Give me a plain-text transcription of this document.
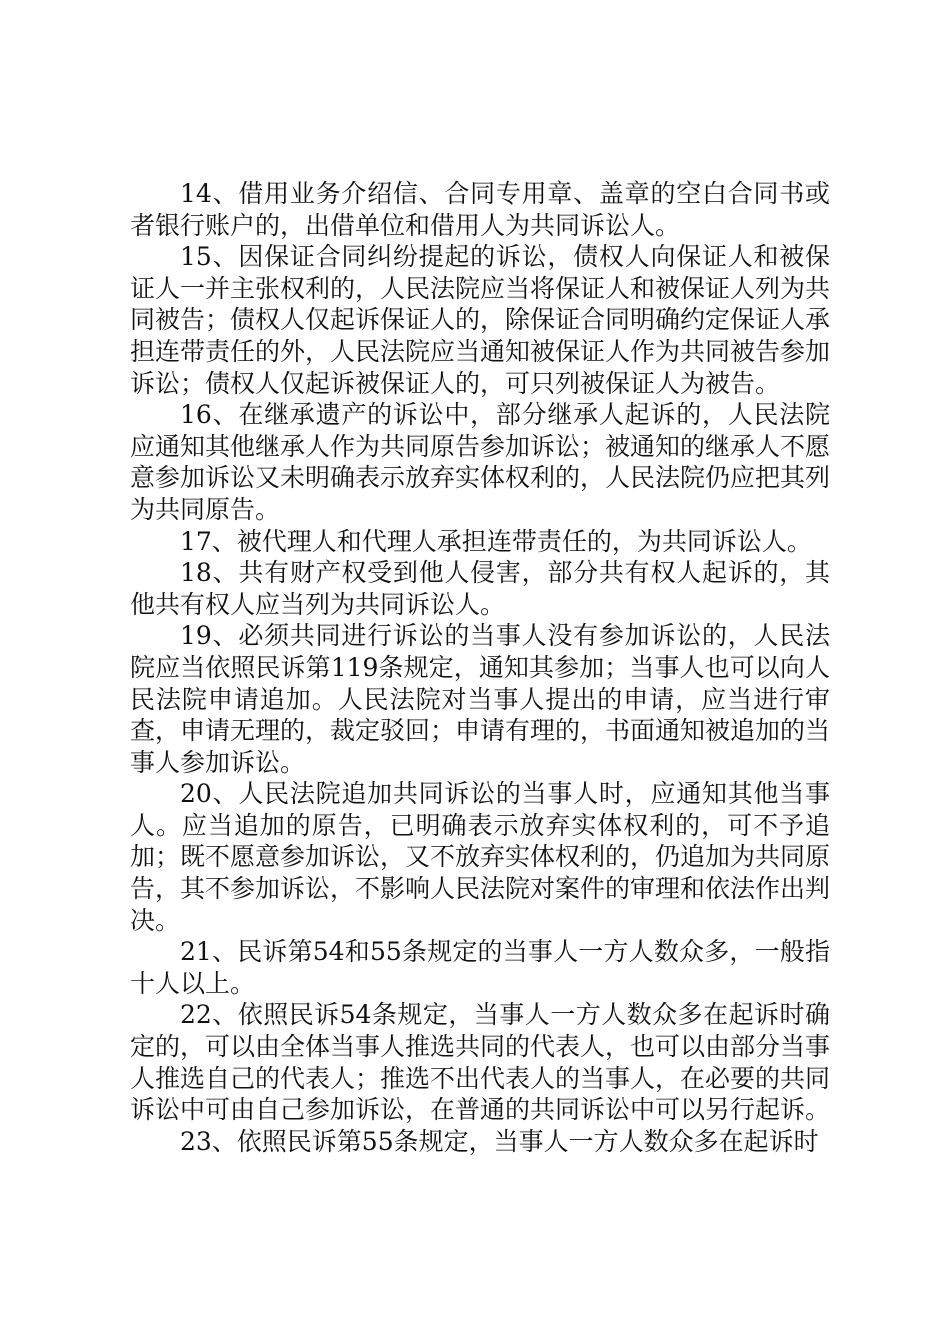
14、借用业务介绍信、合同专用章、盖章的空白合同书或者银行账户的，出借单位和借用人为共同诉讼人。

15、因保证合同纠纷提起的诉讼，债权人向保证人和被保证人一并主张权利的，人民法院应当将保证人和被保证人列为共同被告；债权人仅起诉保证人的，除保证合同明确约定保证人承担连带责任的外，人民法院应当通知被保证人作为共同被告参加诉讼；债权人仅起诉被保证人的，可只列被保证人为被告。

16、在继承遗产的诉讼中，部分继承人起诉的，人民法院应通知其他继承人作为共同原告参加诉讼；被通知的继承人不愿意参加诉讼又未明确表示放弃实体权利的，人民法院仍应把其列为共同原告。

17、被代理人和代理人承担连带责任的，为共同诉讼人。

18、共有财产权受到他人侵害，部分共有权人起诉的，其他共有权人应当列为共同诉讼人。

19、必须共同进行诉讼的当事人没有参加诉讼的，人民法院应当依照民诉第119条规定，通知其参加；当事人也可以向人民法院申请追加。人民法院对当事人提出的申请，应当进行审查，申请无理的，裁定驳回；申请有理的，书面通知被追加的当事人参加诉讼。

20、人民法院追加共同诉讼的当事人时，应通知其他当事人。应当追加的原告，已明确表示放弃实体权利的，可不予追加；既不愿意参加诉讼，又不放弃实体权利的，仍追加为共同原告，其不参加诉讼，不影响人民法院对案件的审理和依法作出判决。

21、民诉第54和55条规定的当事人一方人数众多，一般指十人以上。

22、依照民诉54条规定，当事人一方人数众多在起诉时确定的，可以由全体当事人推选共同的代表人，也可以由部分当事人推选自己的代表人；推选不出代表人的当事人，在必要的共同诉讼中可由自己参加诉讼，在普通的共同诉讼中可以另行起诉。

23、依照民诉第55条规定，当事人一方人数众多在起诉时
